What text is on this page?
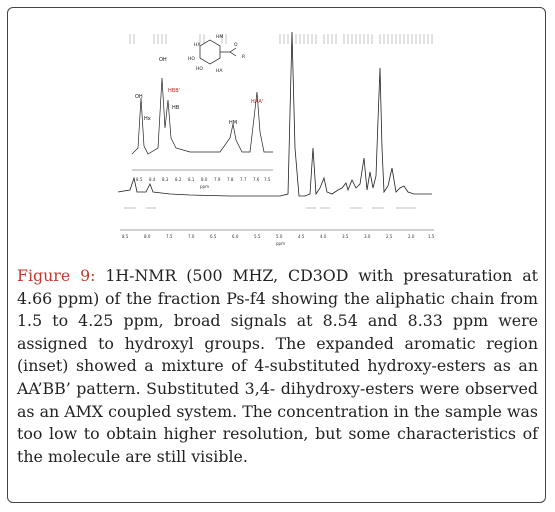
8.5	8.0	7.5	7.0	6.5	6.0	5.5	5.0	4.5	4.0	3.5	3.0	2.5	2.0	1.5
ppm
OH
Hx
OH
HBB'
HB
HM
HAA'
8.5 8.4 8.3 8.2 8.1 8.0 7.9 7.8 7.7 7.6 7.5
ppm
HX
HM
HO
HO	HA
O
R
Figure 9: 1H-NMR (500 MHZ, CD3OD with presaturation at 4.66 ppm) of the fraction Ps-f4 showing the aliphatic chain from 1.5 to 4.25 ppm, broad signals at 8.54 and 8.33 ppm were assigned to hydroxyl groups. The expanded aromatic region (inset) showed a mixture of 4-substituted hydroxy-esters as an AA’BB’ pattern. Substituted 3,4- dihydroxy-esters were observed as an AMX coupled system. The concentration in the sample was too low to obtain higher resolution, but some characteristics of the molecule are still visible.
